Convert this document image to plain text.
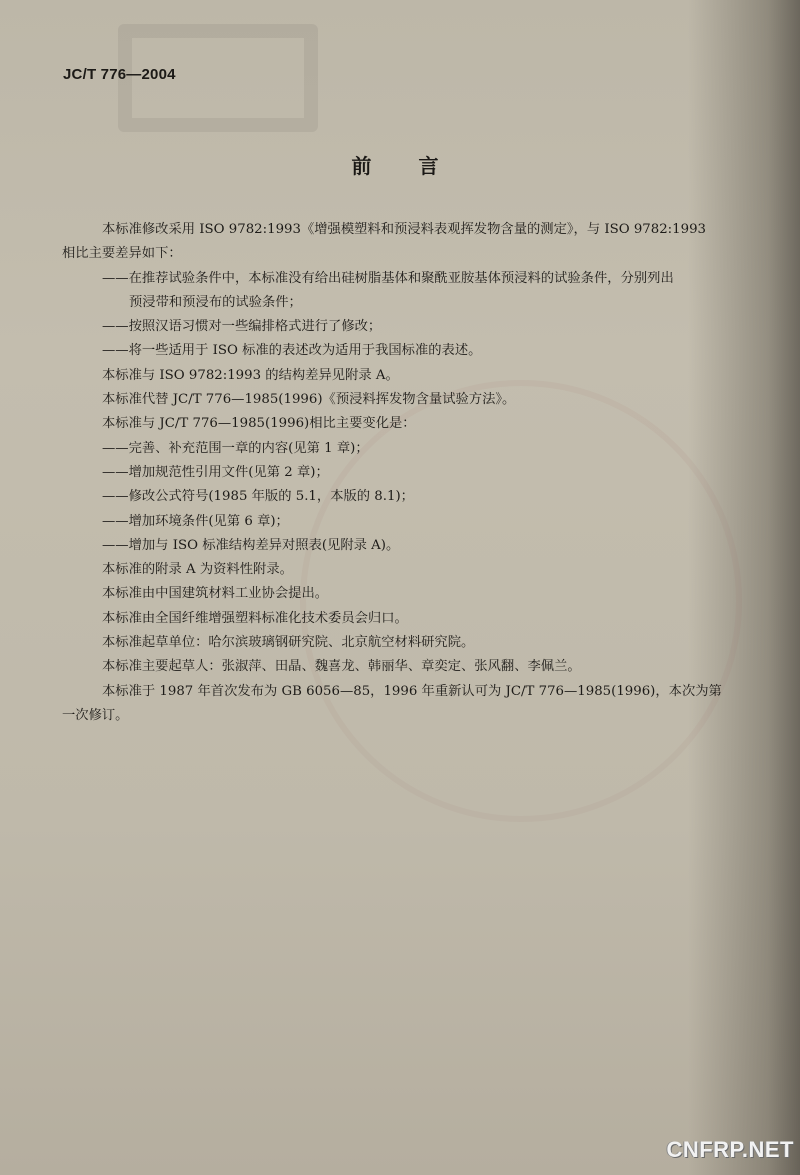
JC/T 776—2004
前 言
本标准修改采用 ISO 9782:1993《增强模塑料和预浸料表观挥发物含量的测定》，与 ISO 9782:1993
相比主要差异如下：
——在推荐试验条件中，本标准没有给出硅树脂基体和聚酰亚胺基体预浸料的试验条件，分别列出
预浸带和预浸布的试验条件；
——按照汉语习惯对一些编排格式进行了修改；
——将一些适用于 ISO 标准的表述改为适用于我国标准的表述。
本标准与 ISO 9782:1993 的结构差异见附录 A。
本标准代替 JC/T 776—1985(1996)《预浸料挥发物含量试验方法》。
本标准与 JC/T 776—1985(1996)相比主要变化是：
——完善、补充范围一章的内容(见第 1 章)；
——增加规范性引用文件(见第 2 章)；
——修改公式符号(1985 年版的 5.1，本版的 8.1)；
——增加环境条件(见第 6 章)；
——增加与 ISO 标准结构差异对照表(见附录 A)。
本标准的附录 A 为资料性附录。
本标准由中国建筑材料工业协会提出。
本标准由全国纤维增强塑料标准化技术委员会归口。
本标准起草单位：哈尔滨玻璃钢研究院、北京航空材料研究院。
本标准主要起草人：张淑萍、田晶、魏喜龙、韩丽华、章奕定、张风翻、李佩兰。
本标准于 1987 年首次发布为 GB 6056—85，1996 年重新认可为 JC/T 776—1985(1996)，本次为第
一次修订。
CNFRP.NET
